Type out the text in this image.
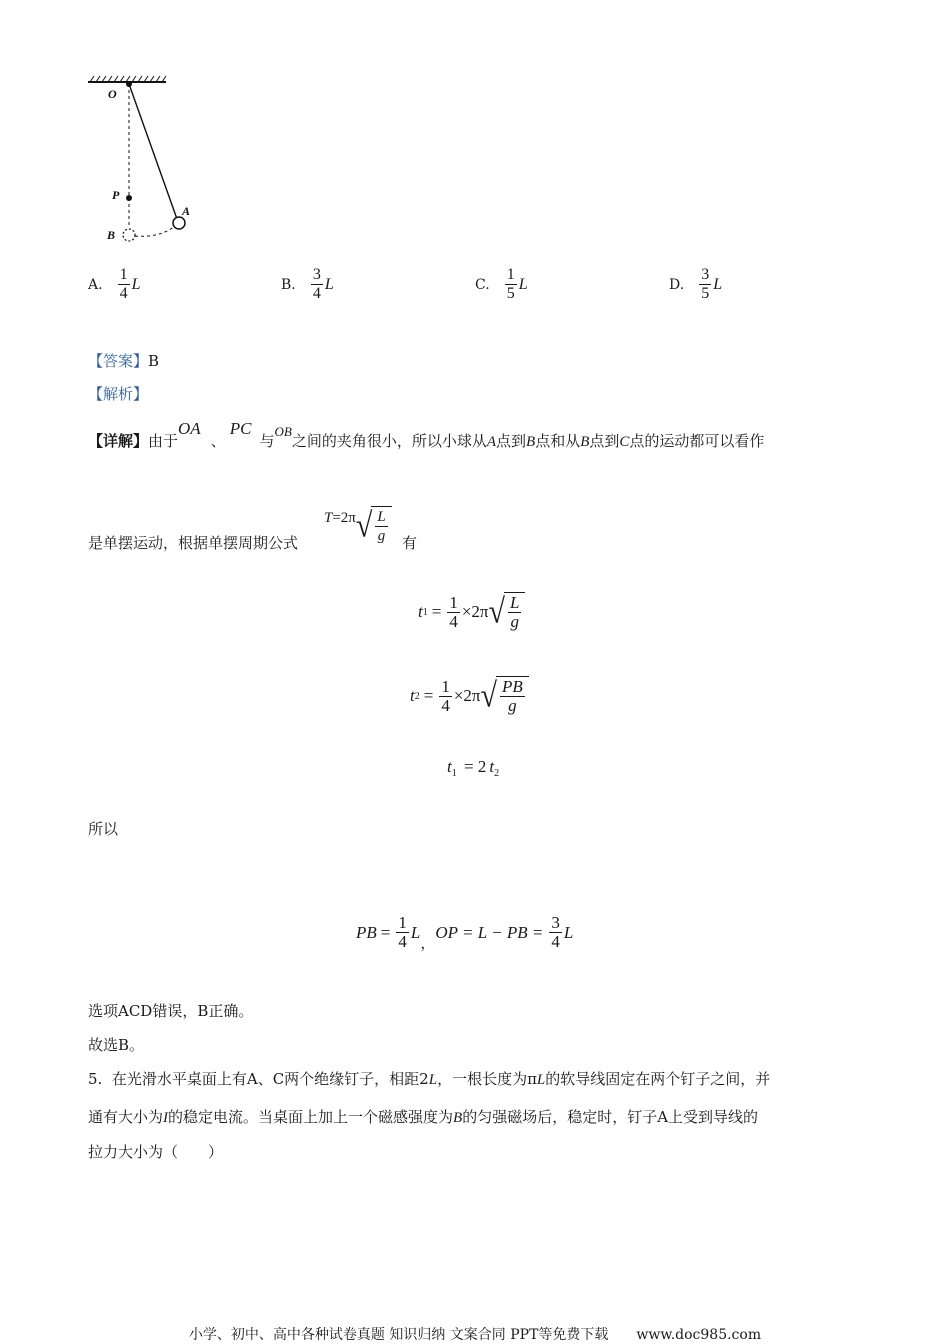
O
P
A
B
A. $\frac{1}{4}$ L	B. $\frac{3}{4}$ L	C. $\frac{1}{5}$ L	D. $\frac{3}{5}$ L
【答案】B
【解析】
【详解】由于OA、PC与OB之间的夹角很小，所以小球从A点到B点和从B点到C点的运动都可以看作
是单摆运动，根据单摆周期公式
T =2π √ $\frac{L}{g}$ 有
t $1 = \frac{1}{4} \times 2\pi$ √ $\frac{L}{g}$
t $2 = \frac{1}{4} \times 2\pi$ √ $\frac{PB}{g}$
$t_1 = 2$ $t_2$
所以
PB = $\frac{1}{4}$ L
，
OP = L − PB = $\frac{3}{4}$ L
选项ACD错误，B正确。
故选B。
5. 在光滑水平桌面上有A、C两个绝缘钉子，相距2L，一根长度为πL的软导线固定在两个钉子之间，并
通有大小为I的稳定电流。当桌面上加上一个磁感强度为B的匀强磁场后，稳定时，钉子A上受到导线的
拉力大小为（　　）
小学、初中、高中各种试卷真题 知识归纳 文案合同 PPT等免费下载　　www.doc985.com
